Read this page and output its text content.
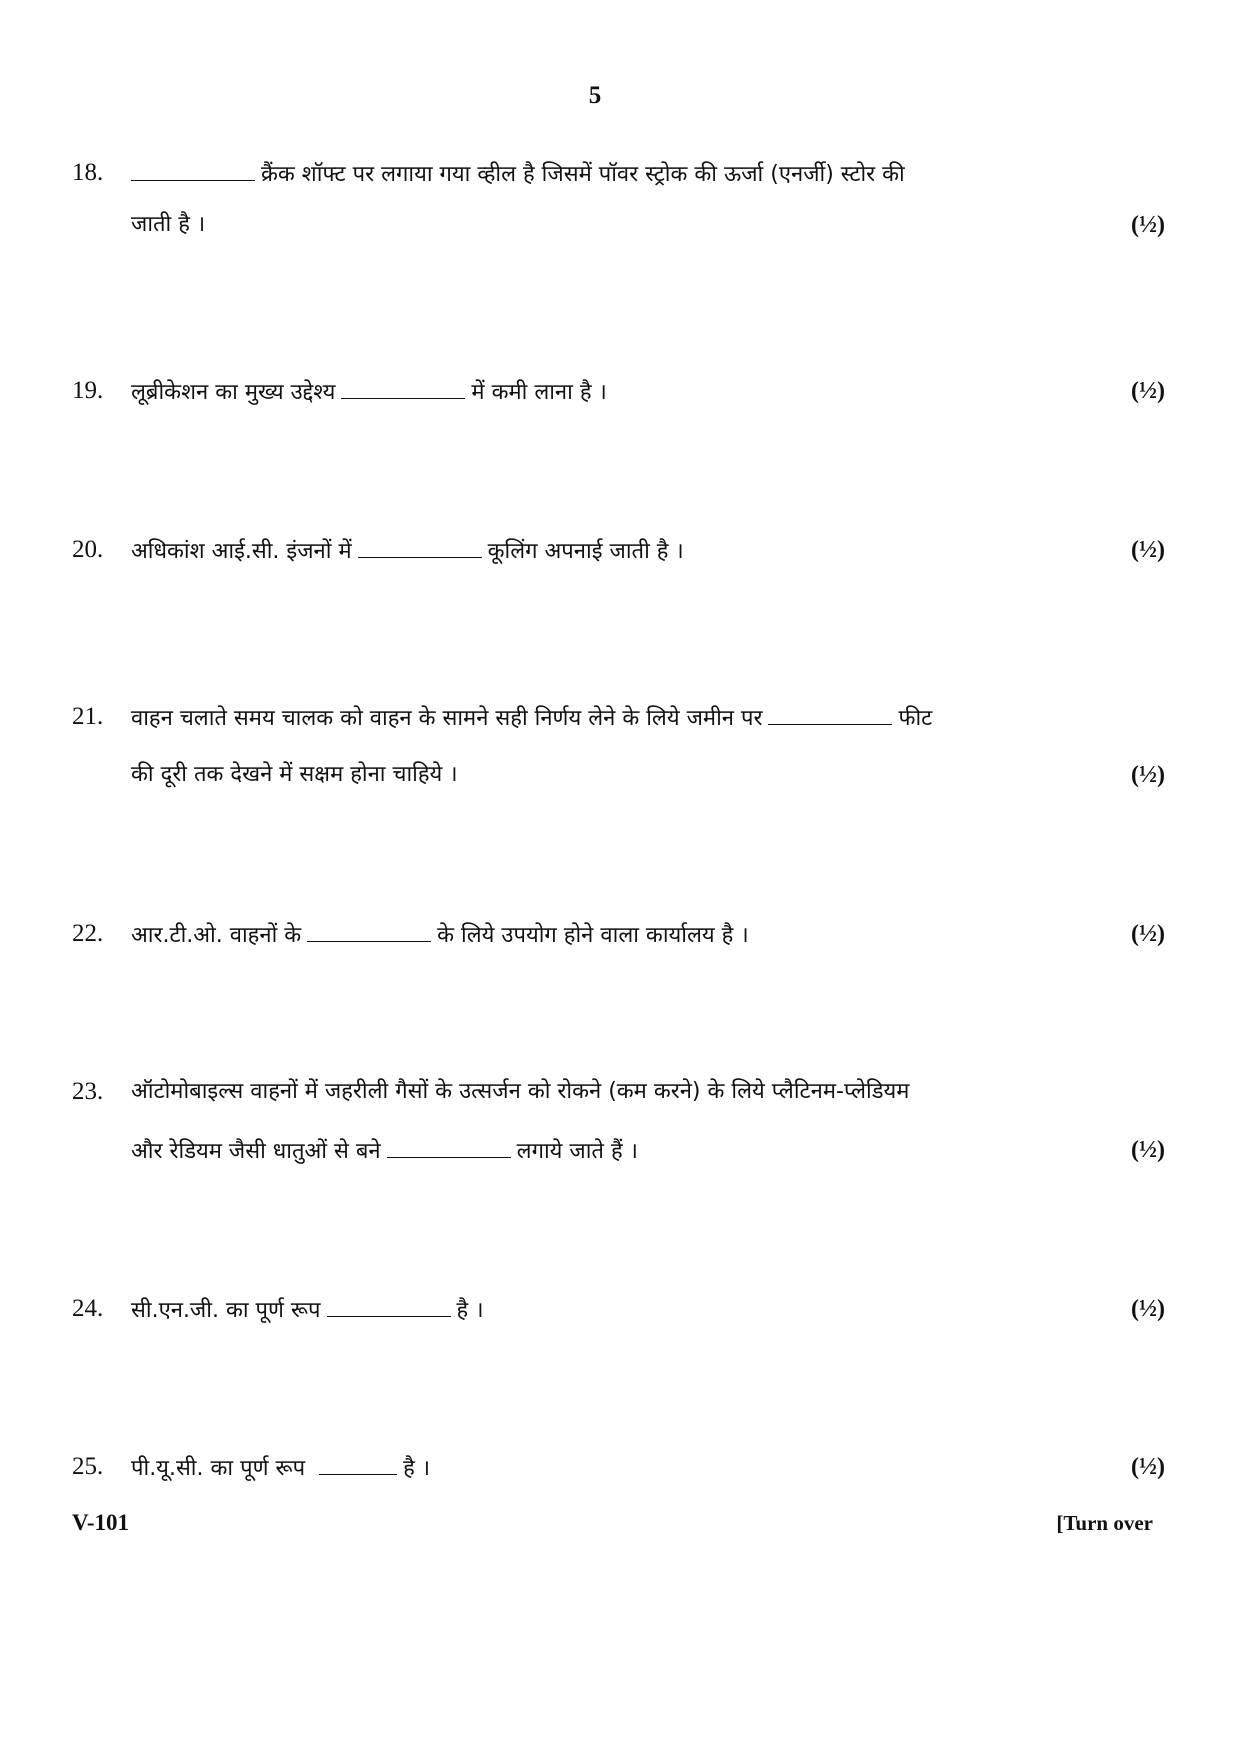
5
18.	क्रैंक शॉफ्ट पर लगाया गया व्हील है जिसमें पॉवर स्ट्रोक की ऊर्जा (एनर्जी) स्टोर की
जाती है ।	(½)
19. लूब्रीकेशन का मुख्य उद्देश्य	में कमी लाना है ।	(½)
20. अधिकांश आई.सी. इंजनों में	कूलिंग अपनाई जाती है ।	(½)
21. वाहन चलाते समय चालक को वाहन के सामने सही निर्णय लेने के लिये जमीन पर	फीट
की दूरी तक देखने में सक्षम होना चाहिये ।	(½)
22. आर.टी.ओ. वाहनों के	के लिये उपयोग होने वाला कार्यालय है ।	(½)
23. ऑटोमोबाइल्स वाहनों में जहरीली गैसों के उत्सर्जन को रोकने (कम करने) के लिये प्लैटिनम-प्लेडियम
और रेडियम जैसी धातुओं से बने	लगाये जाते हैं ।	(½)
24. सी.एन.जी. का पूर्ण रूप	है ।	(½)
25. पी.यू.सी. का पूर्ण रूप	है ।	(½)
V-101	[Turn over
